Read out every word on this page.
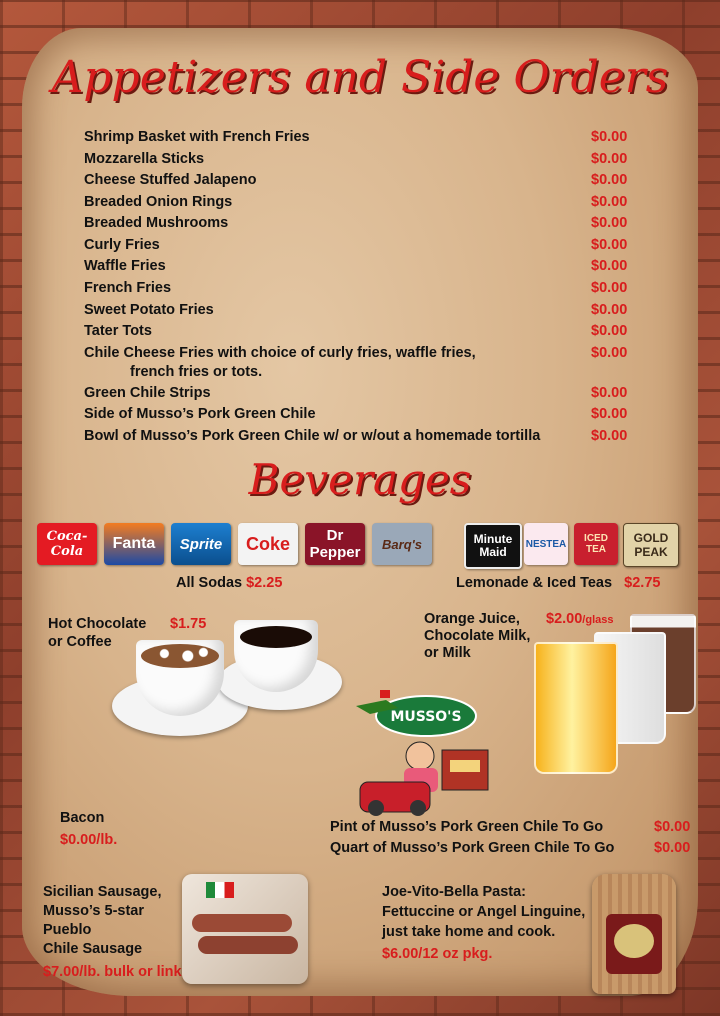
Appetizers and Side Orders
Shrimp Basket with French Fries	$0.00
Mozzarella Sticks	$0.00
Cheese Stuffed Jalapeno	$0.00
Breaded Onion Rings	$0.00
Breaded Mushrooms	$0.00
Curly Fries	$0.00
Waffle Fries	$0.00
French Fries	$0.00
Sweet Potato Fries	$0.00
Tater Tots	$0.00
Chile Cheese Fries with choice of curly fries, waffle fries,
french fries or tots.
$0.00
Green Chile Strips	$0.00
Side of Musso’s Pork Green Chile	$0.00
Bowl of Musso’s Pork Green Chile w/ or w/out a homemade tortilla	$0.00
Beverages
Coca-Cola	Fanta	Sprite	Coke	Dr Pepper	Barq's	Minute Maid
NESTEA	ICED TEA
GOLD PEAK
All Sodas $2.25	Lemonade & Iced Teas $2.75
Hot Chocolate
or Coffee
$1.75	Orange Juice,
Chocolate Milk,
or Milk
$2.00/glass
MUSSO'S
Bacon
$0.00/lb.
Pint of Musso’s Pork Green Chile To Go	$0.00
Quart of Musso’s Pork Green Chile To Go	$0.00
Sicilian Sausage,
Musso’s 5-star
Pueblo
Chile Sausage
$7.00/lb. bulk or link
Joe-Vito-Bella Pasta:
Fettuccine or Angel Linguine,
just take home and cook.
$6.00/12 oz pkg.
